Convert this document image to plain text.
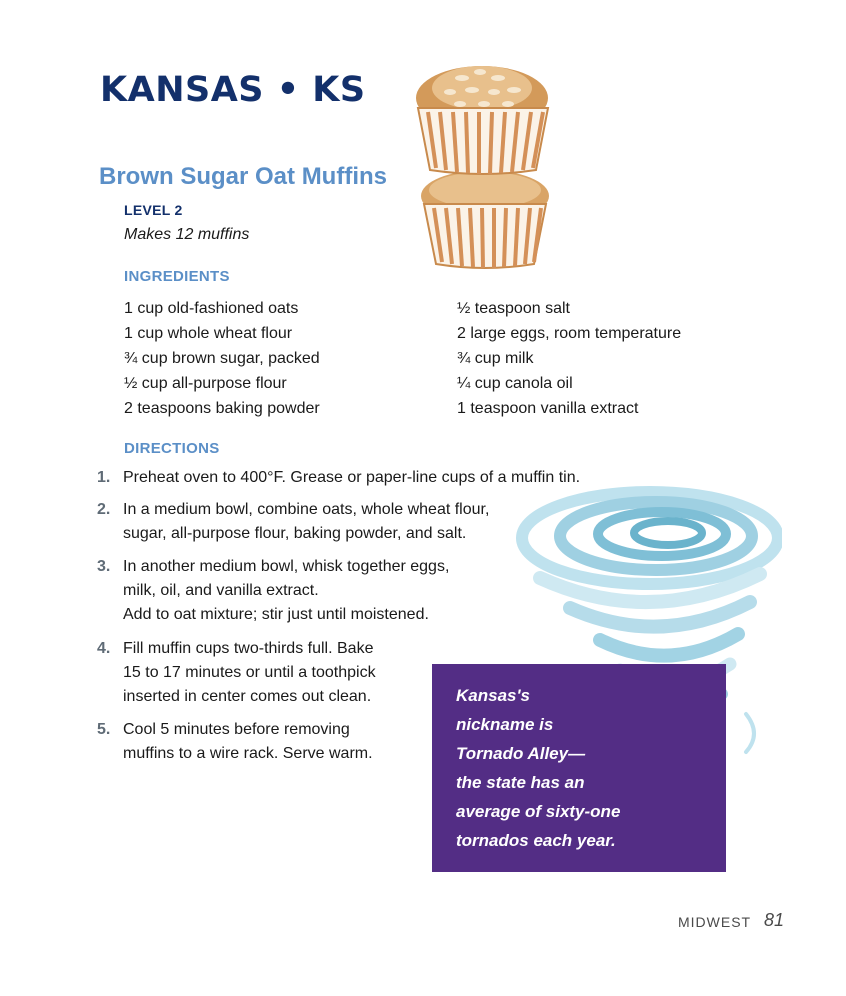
KANSAS • KS
Brown Sugar Oat Muffins
LEVEL 2
Makes 12 muffins
INGREDIENTS
1 cup old-fashioned oats
1 cup whole wheat flour
¾ cup brown sugar, packed
½ cup all-purpose flour
2 teaspoons baking powder
½ teaspoon salt
2 large eggs, room temperature
¾ cup milk
¼ cup canola oil
1 teaspoon vanilla extract
DIRECTIONS
1. Preheat oven to 400°F. Grease or paper-line cups of a muffin tin.
2. In a medium bowl, combine oats, whole wheat flour,
sugar, all-purpose flour, baking powder, and salt.
3. In another medium bowl, whisk together eggs,
milk, oil, and vanilla extract.
Add to oat mixture; stir just until moistened.
4. Fill muffin cups two-thirds full. Bake
15 to 17 minutes or until a toothpick
inserted in center comes out clean.
5. Cool 5 minutes before removing
muffins to a wire rack. Serve warm.

Kansas's
nickname is
Tornado Alley—
the state has an
average of sixty-one
tornados each year.

MIDWEST 81
